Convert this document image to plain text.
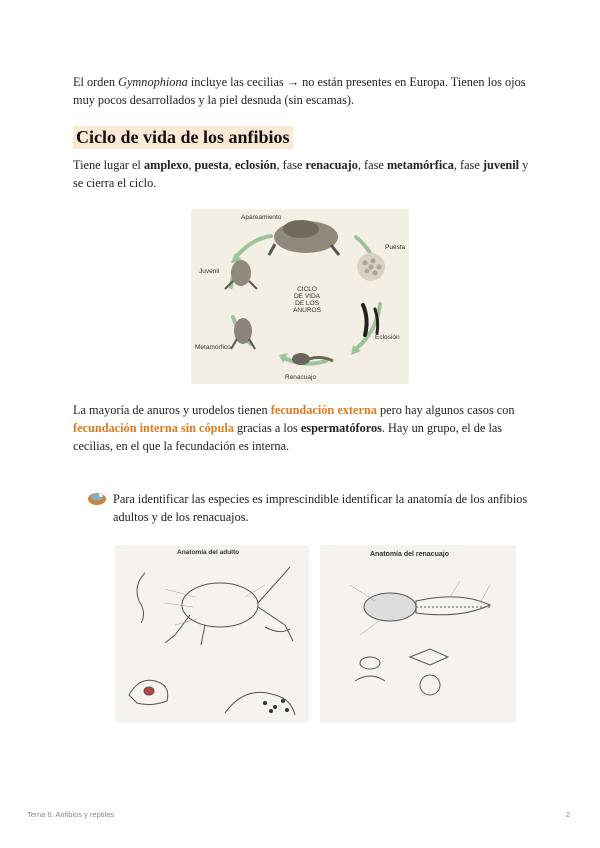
El orden Gymnophiona incluye las cecilias → no están presentes en Europa. Tienen los ojos muy pocos desarrollados y la piel desnuda (sin escamas).
Ciclo de vida de los anfibios
Tiene lugar el amplexo, puesta, eclosión, fase renacuajo, fase metamórfica, fase juvenil y se cierra el ciclo.
Apareamiento
Puesta
Eclosión
Renacuajo
Metamórfico
Juvenil
CICLO
DE VIDA
DE LOS
ANUROS
La mayoría de anuros y urodelos tienen fecundación externa pero hay algunos casos con fecundación interna sin cópula gracias a los espermatóforos. Hay un grupo, el de las cecilias, en el que la fecundación es interna.
Para identificar las especies es imprescindible identificar la anatomía de los anfibios adultos y de los renacuajos.
Anatomía del adulto	Anatomía del renacuajo
Tema 6. Anfibios y reptiles	2
